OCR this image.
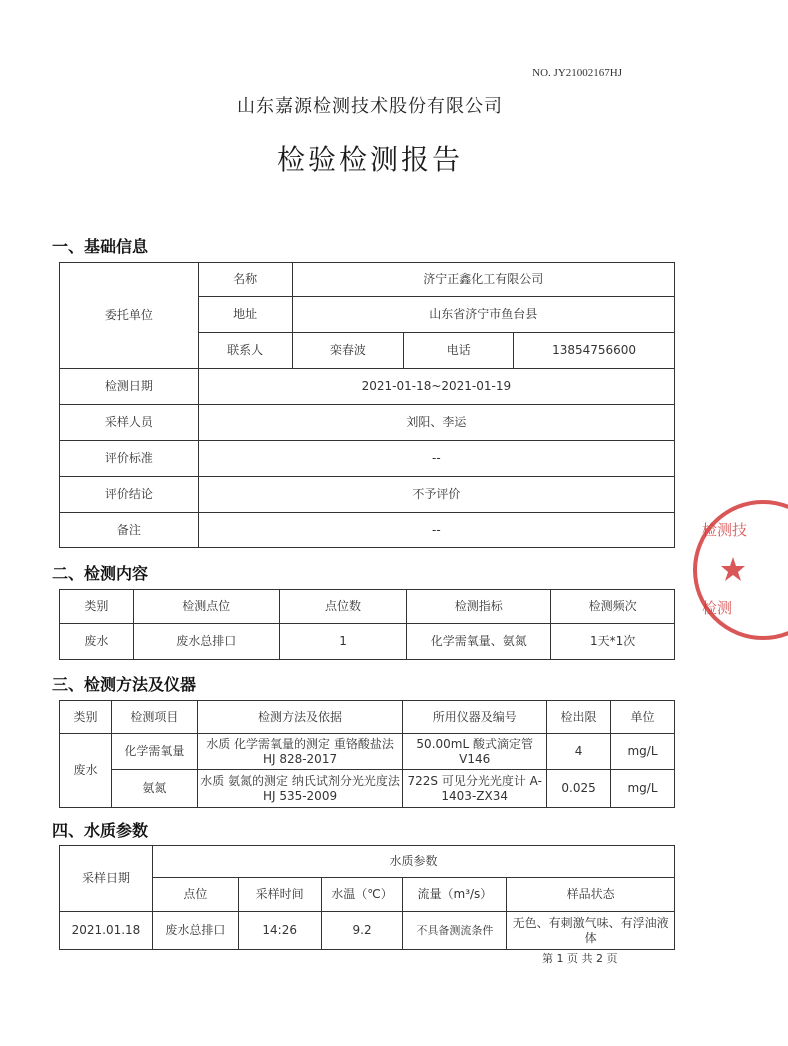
NO. JY21002167HJ
山东嘉源检测技术股份有限公司
检验检测报告
一、基础信息
委托单位	名称	济宁正鑫化工有限公司		
	地址	山东省济宁市鱼台县		
	联系人	栾春波	电话	13854756600
检测日期	2021-01-18~2021-01-19			
采样人员	刘阳、李运			
评价标准	--			
评价结论	不予评价			
备注	--			
二、检测内容
类别	检测点位	点位数	检测指标	检测频次
废水	废水总排口	1	化学需氧量、氨氮	1天*1次
三、检测方法及仪器
类别	检测项目	检测方法及依据	所用仪器及编号	检出限	单位
废水	化学需氧量	水质 化学需氧量的测定 重铬酸盐法 HJ 828-2017	50.00mL 酸式滴定管 V146	4	mg/L
	氨氮	水质 氨氮的测定 纳氏试剂分光光度法 HJ 535-2009	722S 可见分光光度计 A-1403-ZX34	0.025	mg/L
四、水质参数
采样日期	水质参数				
	点位	采样时间	水温（℃）	流量（m³/s）	样品状态
2021.01.18	废水总排口	14:26	9.2	不具备测流条件	无色、有刺激气味、有浮油液体
第 1 页 共 2 页
检测技
检测
